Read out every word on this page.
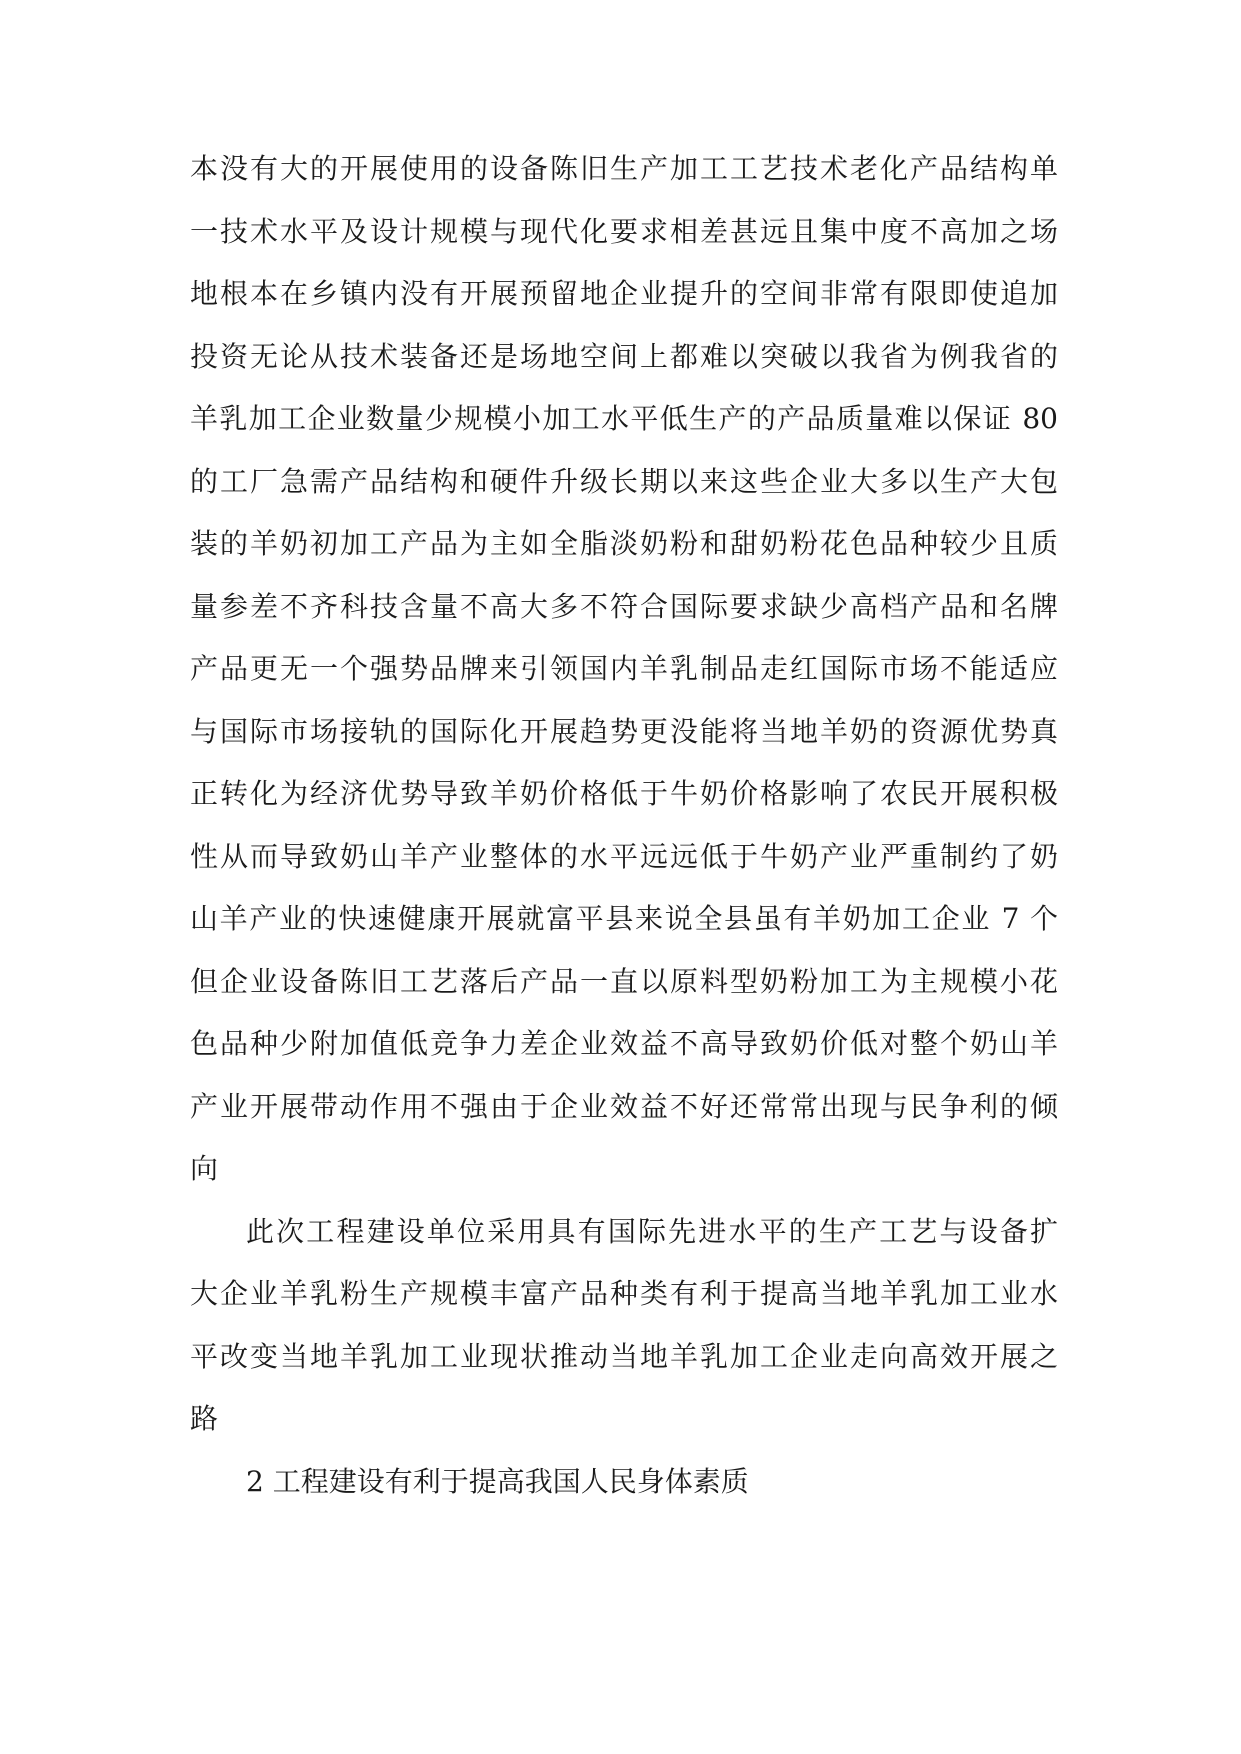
本没有大的开展使用的设备陈旧生产加工工艺技术老化产品结构单
一技术水平及设计规模与现代化要求相差甚远且集中度不高加之场
地根本在乡镇内没有开展预留地企业提升的空间非常有限即使追加
投资无论从技术装备还是场地空间上都难以突破以我省为例我省的
羊乳加工企业数量少规模小加工水平低生产的产品质量难以保证 80
的工厂急需产品结构和硬件升级长期以来这些企业大多以生产大包
装的羊奶初加工产品为主如全脂淡奶粉和甜奶粉花色品种较少且质
量参差不齐科技含量不高大多不符合国际要求缺少高档产品和名牌
产品更无一个强势品牌来引领国内羊乳制品走红国际市场不能适应
与国际市场接轨的国际化开展趋势更没能将当地羊奶的资源优势真
正转化为经济优势导致羊奶价格低于牛奶价格影响了农民开展积极
性从而导致奶山羊产业整体的水平远远低于牛奶产业严重制约了奶
山羊产业的快速健康开展就富平县来说全县虽有羊奶加工企业 7 个
但企业设备陈旧工艺落后产品一直以原料型奶粉加工为主规模小花
色品种少附加值低竞争力差企业效益不高导致奶价低对整个奶山羊
产业开展带动作用不强由于企业效益不好还常常出现与民争利的倾
向
此次工程建设单位采用具有国际先进水平的生产工艺与设备扩
大企业羊乳粉生产规模丰富产品种类有利于提高当地羊乳加工业水
平改变当地羊乳加工业现状推动当地羊乳加工企业走向高效开展之
路
2 工程建设有利于提高我国人民身体素质
